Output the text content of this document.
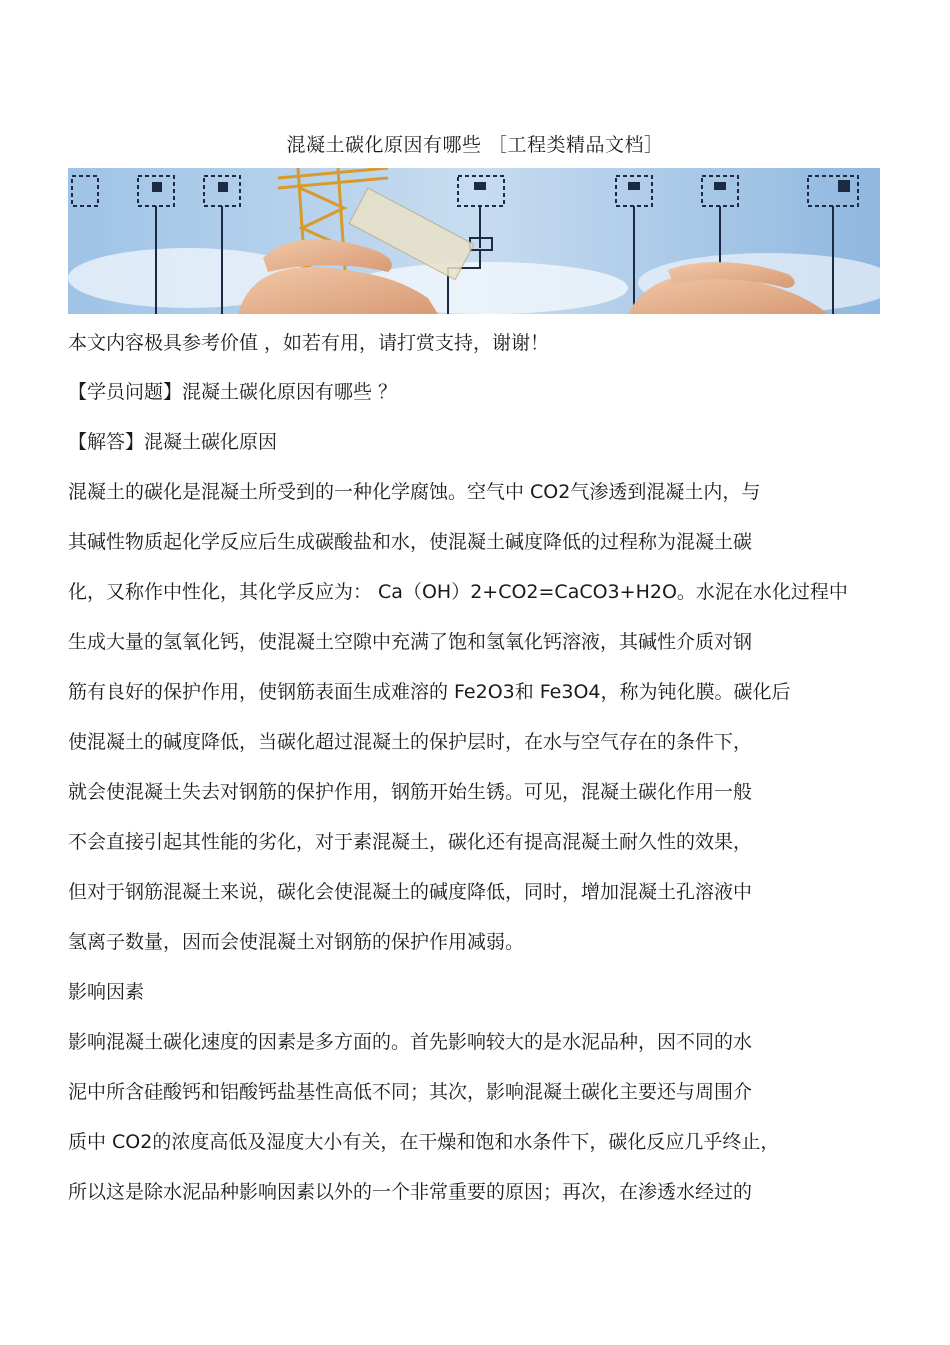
混凝土碳化原因有哪些 ［工程类精品文档］
本文内容极具参考价值 ，如若有用，请打赏支持，谢谢！
【学员问题】混凝土碳化原因有哪些 ？
【解答】混凝土碳化原因
混凝土的碳化是混凝土所受到的一种化学腐蚀。空气中 CO2气渗透到混凝土内，与
其碱性物质起化学反应后生成碳酸盐和水，使混凝土碱度降低的过程称为混凝土碳
化，又称作中性化，其化学反应为： Ca（OH）2+CO2=CaCO3+H2O。水泥在水化过程中
生成大量的氢氧化钙，使混凝土空隙中充满了饱和氢氧化钙溶液，其碱性介质对钢
筋有良好的保护作用，使钢筋表面生成难溶的 Fe2O3和 Fe3O4，称为钝化膜。碳化后
使混凝土的碱度降低，当碳化超过混凝土的保护层时，在水与空气存在的条件下，
就会使混凝土失去对钢筋的保护作用，钢筋开始生锈。可见，混凝土碳化作用一般
不会直接引起其性能的劣化，对于素混凝土，碳化还有提高混凝土耐久性的效果，
但对于钢筋混凝土来说，碳化会使混凝土的碱度降低，同时，增加混凝土孔溶液中
氢离子数量，因而会使混凝土对钢筋的保护作用减弱。
影响因素
影响混凝土碳化速度的因素是多方面的。首先影响较大的是水泥品种，因不同的水
泥中所含硅酸钙和铝酸钙盐基性高低不同；其次，影响混凝土碳化主要还与周围介
质中 CO2的浓度高低及湿度大小有关，在干燥和饱和水条件下，碳化反应几乎终止，
所以这是除水泥品种影响因素以外的一个非常重要的原因；再次，在渗透水经过的
